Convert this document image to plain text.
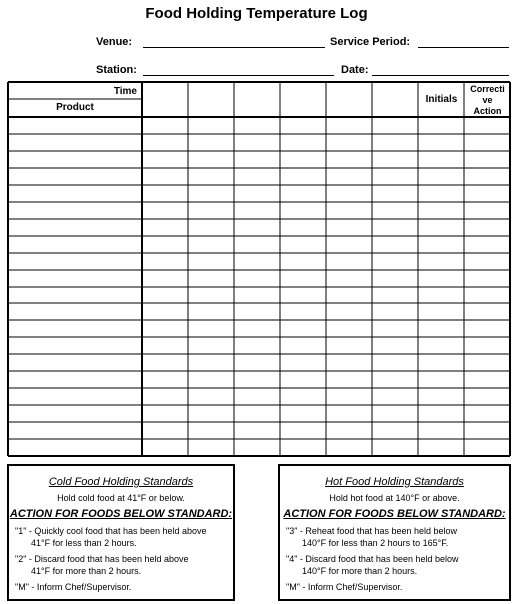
Food Holding Temperature Log
Venue:	Service Period:
Station:	Date:
Time
Product
Initials
Correcti
ve
Action
Cold Food Holding Standards
Hold cold food at 41°F or below.
ACTION FOR FOODS BELOW STANDARD:
"1" - Quickly cool food that has been held above
41°F for less than 2 hours.
"2" - Discard food that has been held above
41°F for more than 2 hours.
"M" - Inform Chef/Supervisor.
Hot Food Holding Standards
Hold hot food at 140°F or above.
ACTION FOR FOODS BELOW STANDARD:
"3" - Reheat food that has been held below
140°F for less than 2 hours to 165°F.
"4" - Discard food that has been held below
140°F for more than 2 hours.
"M" - Inform Chef/Supervisor.
